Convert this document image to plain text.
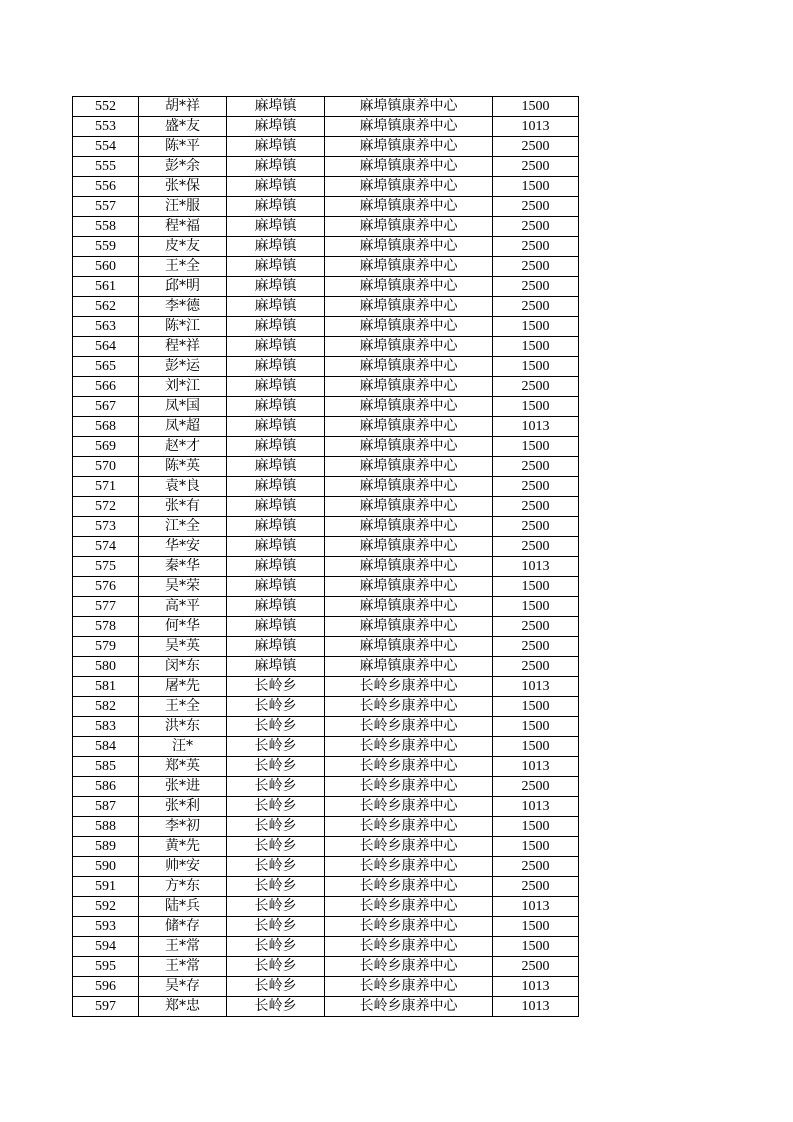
552	胡*祥	麻埠镇	麻埠镇康养中心	1500
553	盛*友	麻埠镇	麻埠镇康养中心	1013
554	陈*平	麻埠镇	麻埠镇康养中心	2500
555	彭*余	麻埠镇	麻埠镇康养中心	2500
556	张*保	麻埠镇	麻埠镇康养中心	1500
557	汪*服	麻埠镇	麻埠镇康养中心	2500
558	程*福	麻埠镇	麻埠镇康养中心	2500
559	皮*友	麻埠镇	麻埠镇康养中心	2500
560	王*全	麻埠镇	麻埠镇康养中心	2500
561	邱*明	麻埠镇	麻埠镇康养中心	2500
562	李*德	麻埠镇	麻埠镇康养中心	2500
563	陈*江	麻埠镇	麻埠镇康养中心	1500
564	程*祥	麻埠镇	麻埠镇康养中心	1500
565	彭*运	麻埠镇	麻埠镇康养中心	1500
566	刘*江	麻埠镇	麻埠镇康养中心	2500
567	凤*国	麻埠镇	麻埠镇康养中心	1500
568	凤*超	麻埠镇	麻埠镇康养中心	1013
569	赵*才	麻埠镇	麻埠镇康养中心	1500
570	陈*英	麻埠镇	麻埠镇康养中心	2500
571	袁*良	麻埠镇	麻埠镇康养中心	2500
572	张*有	麻埠镇	麻埠镇康养中心	2500
573	江*全	麻埠镇	麻埠镇康养中心	2500
574	华*安	麻埠镇	麻埠镇康养中心	2500
575	秦*华	麻埠镇	麻埠镇康养中心	1013
576	吴*荣	麻埠镇	麻埠镇康养中心	1500
577	高*平	麻埠镇	麻埠镇康养中心	1500
578	何*华	麻埠镇	麻埠镇康养中心	2500
579	吴*英	麻埠镇	麻埠镇康养中心	2500
580	闵*东	麻埠镇	麻埠镇康养中心	2500
581	屠*先	长岭乡	长岭乡康养中心	1013
582	王*全	长岭乡	长岭乡康养中心	1500
583	洪*东	长岭乡	长岭乡康养中心	1500
584	汪*	长岭乡	长岭乡康养中心	1500
585	郑*英	长岭乡	长岭乡康养中心	1013
586	张*进	长岭乡	长岭乡康养中心	2500
587	张*利	长岭乡	长岭乡康养中心	1013
588	李*初	长岭乡	长岭乡康养中心	1500
589	黄*先	长岭乡	长岭乡康养中心	1500
590	帅*安	长岭乡	长岭乡康养中心	2500
591	方*东	长岭乡	长岭乡康养中心	2500
592	陆*兵	长岭乡	长岭乡康养中心	1013
593	储*存	长岭乡	长岭乡康养中心	1500
594	王*常	长岭乡	长岭乡康养中心	1500
595	王*常	长岭乡	长岭乡康养中心	2500
596	吴*存	长岭乡	长岭乡康养中心	1013
597	郑*忠	长岭乡	长岭乡康养中心	1013
